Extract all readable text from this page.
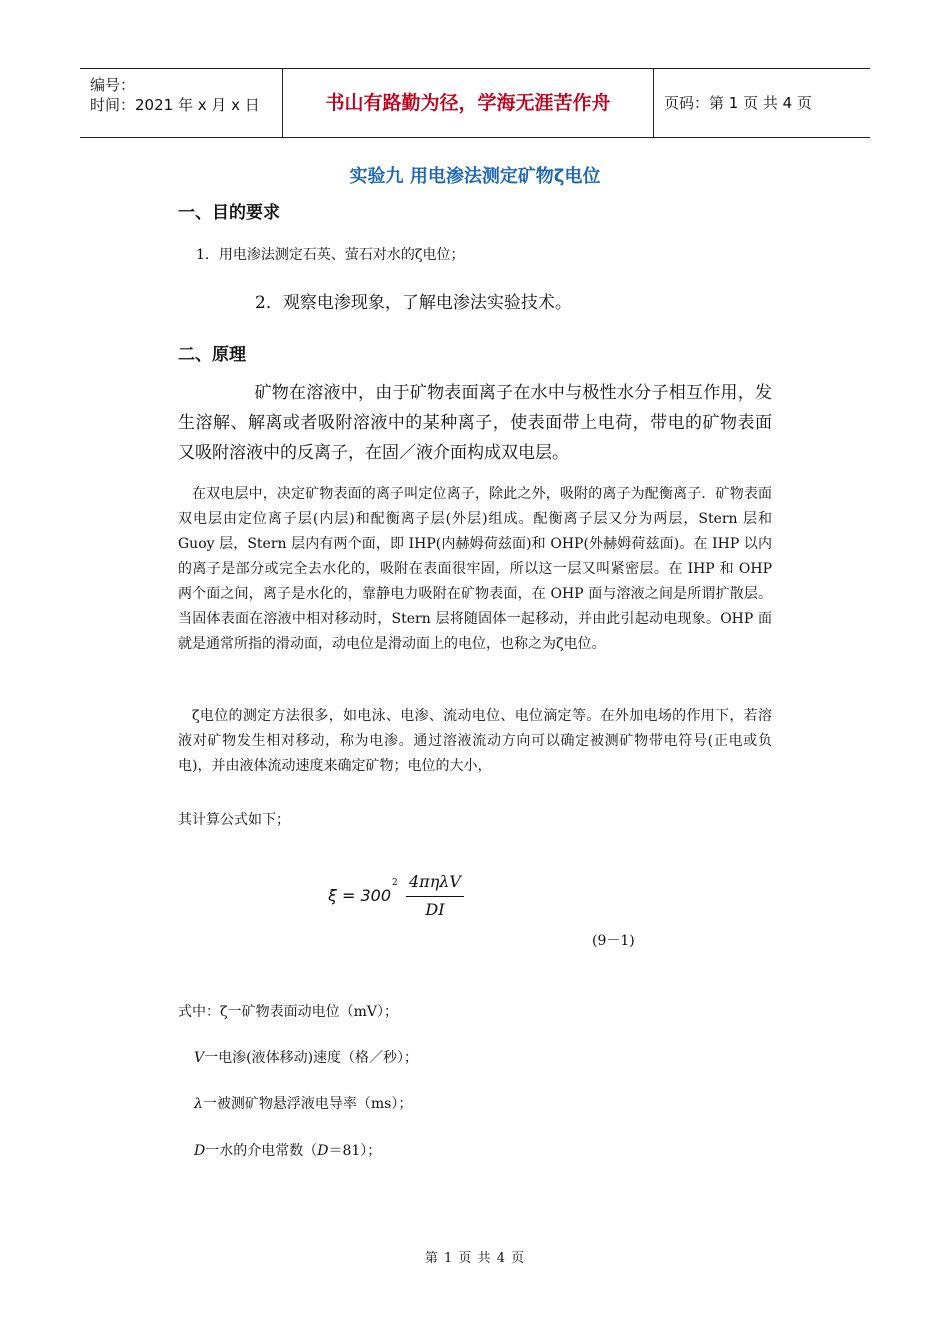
编号：
时间：2021 年 x 月 x 日	书山有路勤为径，学海无涯苦作舟	页码：第 1 页 共 4 页
实验九 用电渗法测定矿物ζ电位
一、目的要求
1．用电渗法测定石英、萤石对水的ζ电位；
2．观察电渗现象，了解电渗法实验技术。
二、原理
矿物在溶液中，由于矿物表面离子在水中与极性水分子相互作用，发生溶解、解离或者吸附溶液中的某种离子，使表面带上电荷，带电的矿物表面又吸附溶液中的反离子，在固／液介面构成双电层。
在双电层中，决定矿物表面的离子叫定位离子，除此之外，吸附的离子为配衡离子．矿物表面双电层由定位离子层(内层)和配衡离子层(外层)组成。配衡离子层又分为两层，Stern 层和 Guoy 层，Stern 层内有两个面，即 IHP(内赫姆荷兹面)和 OHP(外赫姆荷兹面)。在 IHP 以内的离子是部分或完全去水化的，吸附在表面很牢固，所以这一层又叫紧密层。在 IHP 和 OHP 两个面之间，离子是水化的，靠静电力吸附在矿物表面，在 OHP 面与溶液之间是所谓扩散层。当固体表面在溶液中相对移动时，Stern 层将随固体一起移动，并由此引起动电现象。OHP 面就是通常所指的滑动面，动电位是滑动面上的电位，也称之为ζ电位。
ζ电位的测定方法很多，如电泳、电渗、流动电位、电位滴定等。在外加电场的作用下，若溶液对矿物发生相对移动，称为电渗。通过溶液流动方向可以确定被测矿物带电符号(正电或负电)，并由液体流动速度来确定矿物；电位的大小，
其计算公式如下；
ξ = 300
2 4πηλV
DI
(9－1)
式中：ζ一矿物表面动电位（mV）；
V一电渗(液体移动)速度（格／秒）；
λ一被测矿物悬浮液电导率（ms）；
D一水的介电常数（D＝81）；
第 1 页 共 4 页
